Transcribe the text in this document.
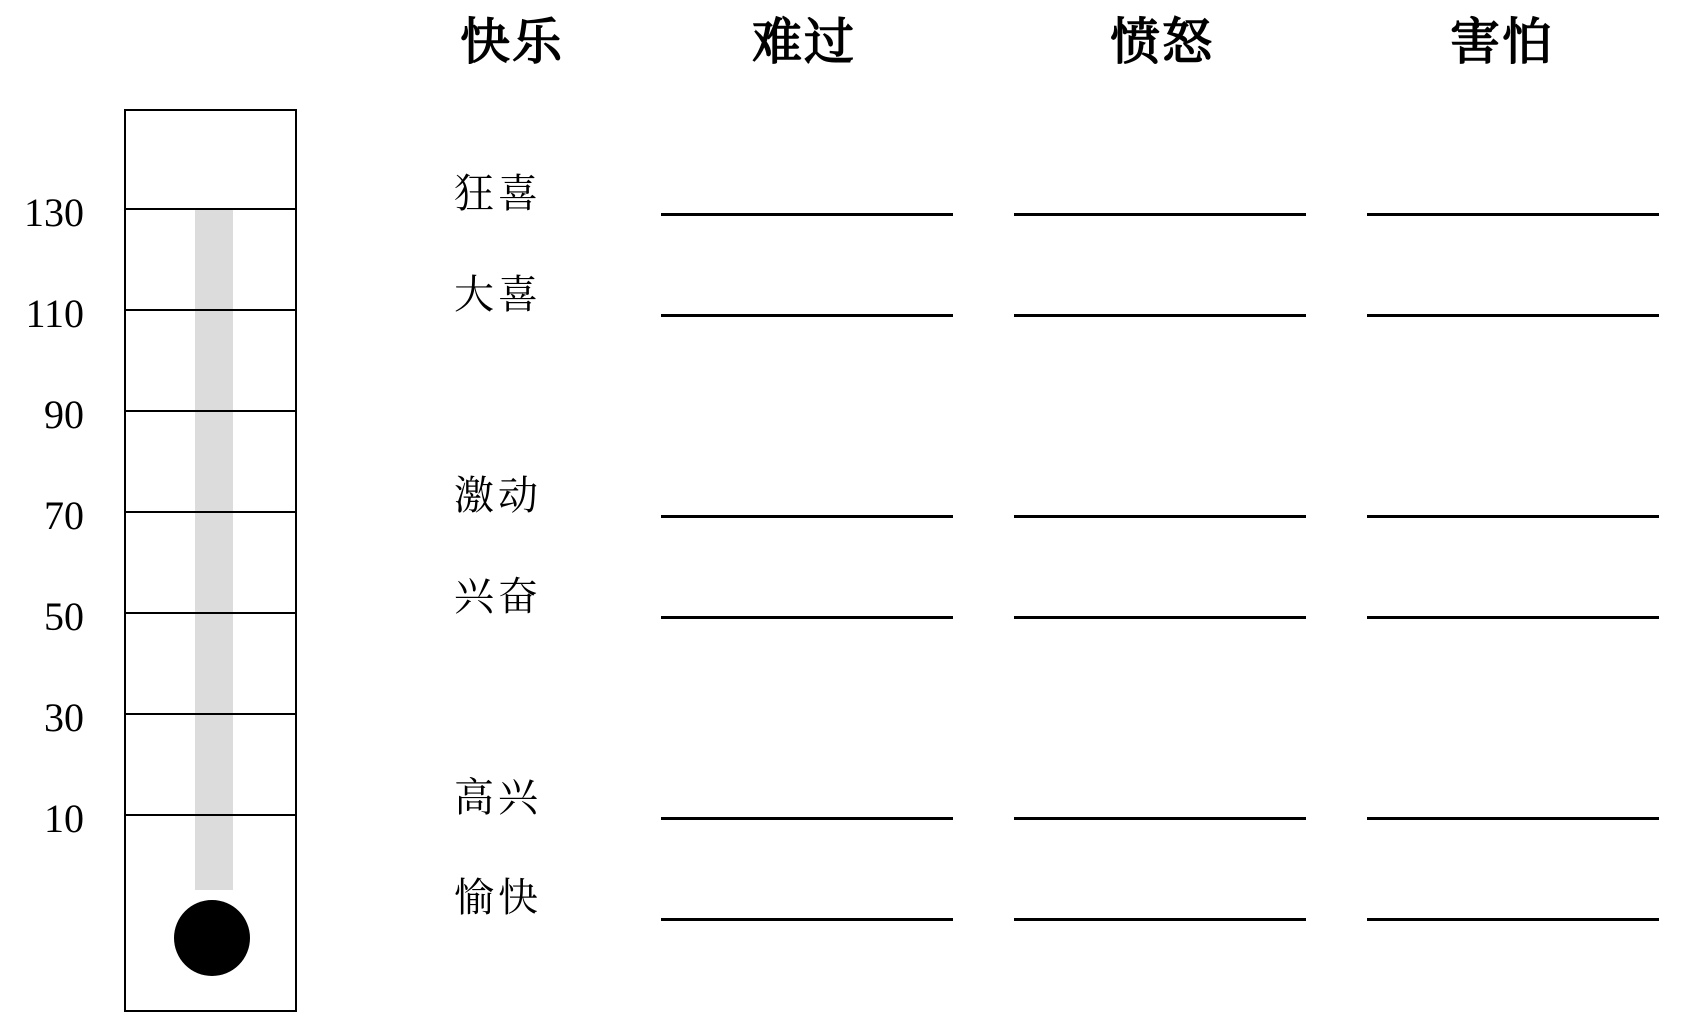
130
110
90
70
50
30
10
快乐	难过	愤怒	害怕
狂喜
大喜
激动
兴奋
高兴
愉快
